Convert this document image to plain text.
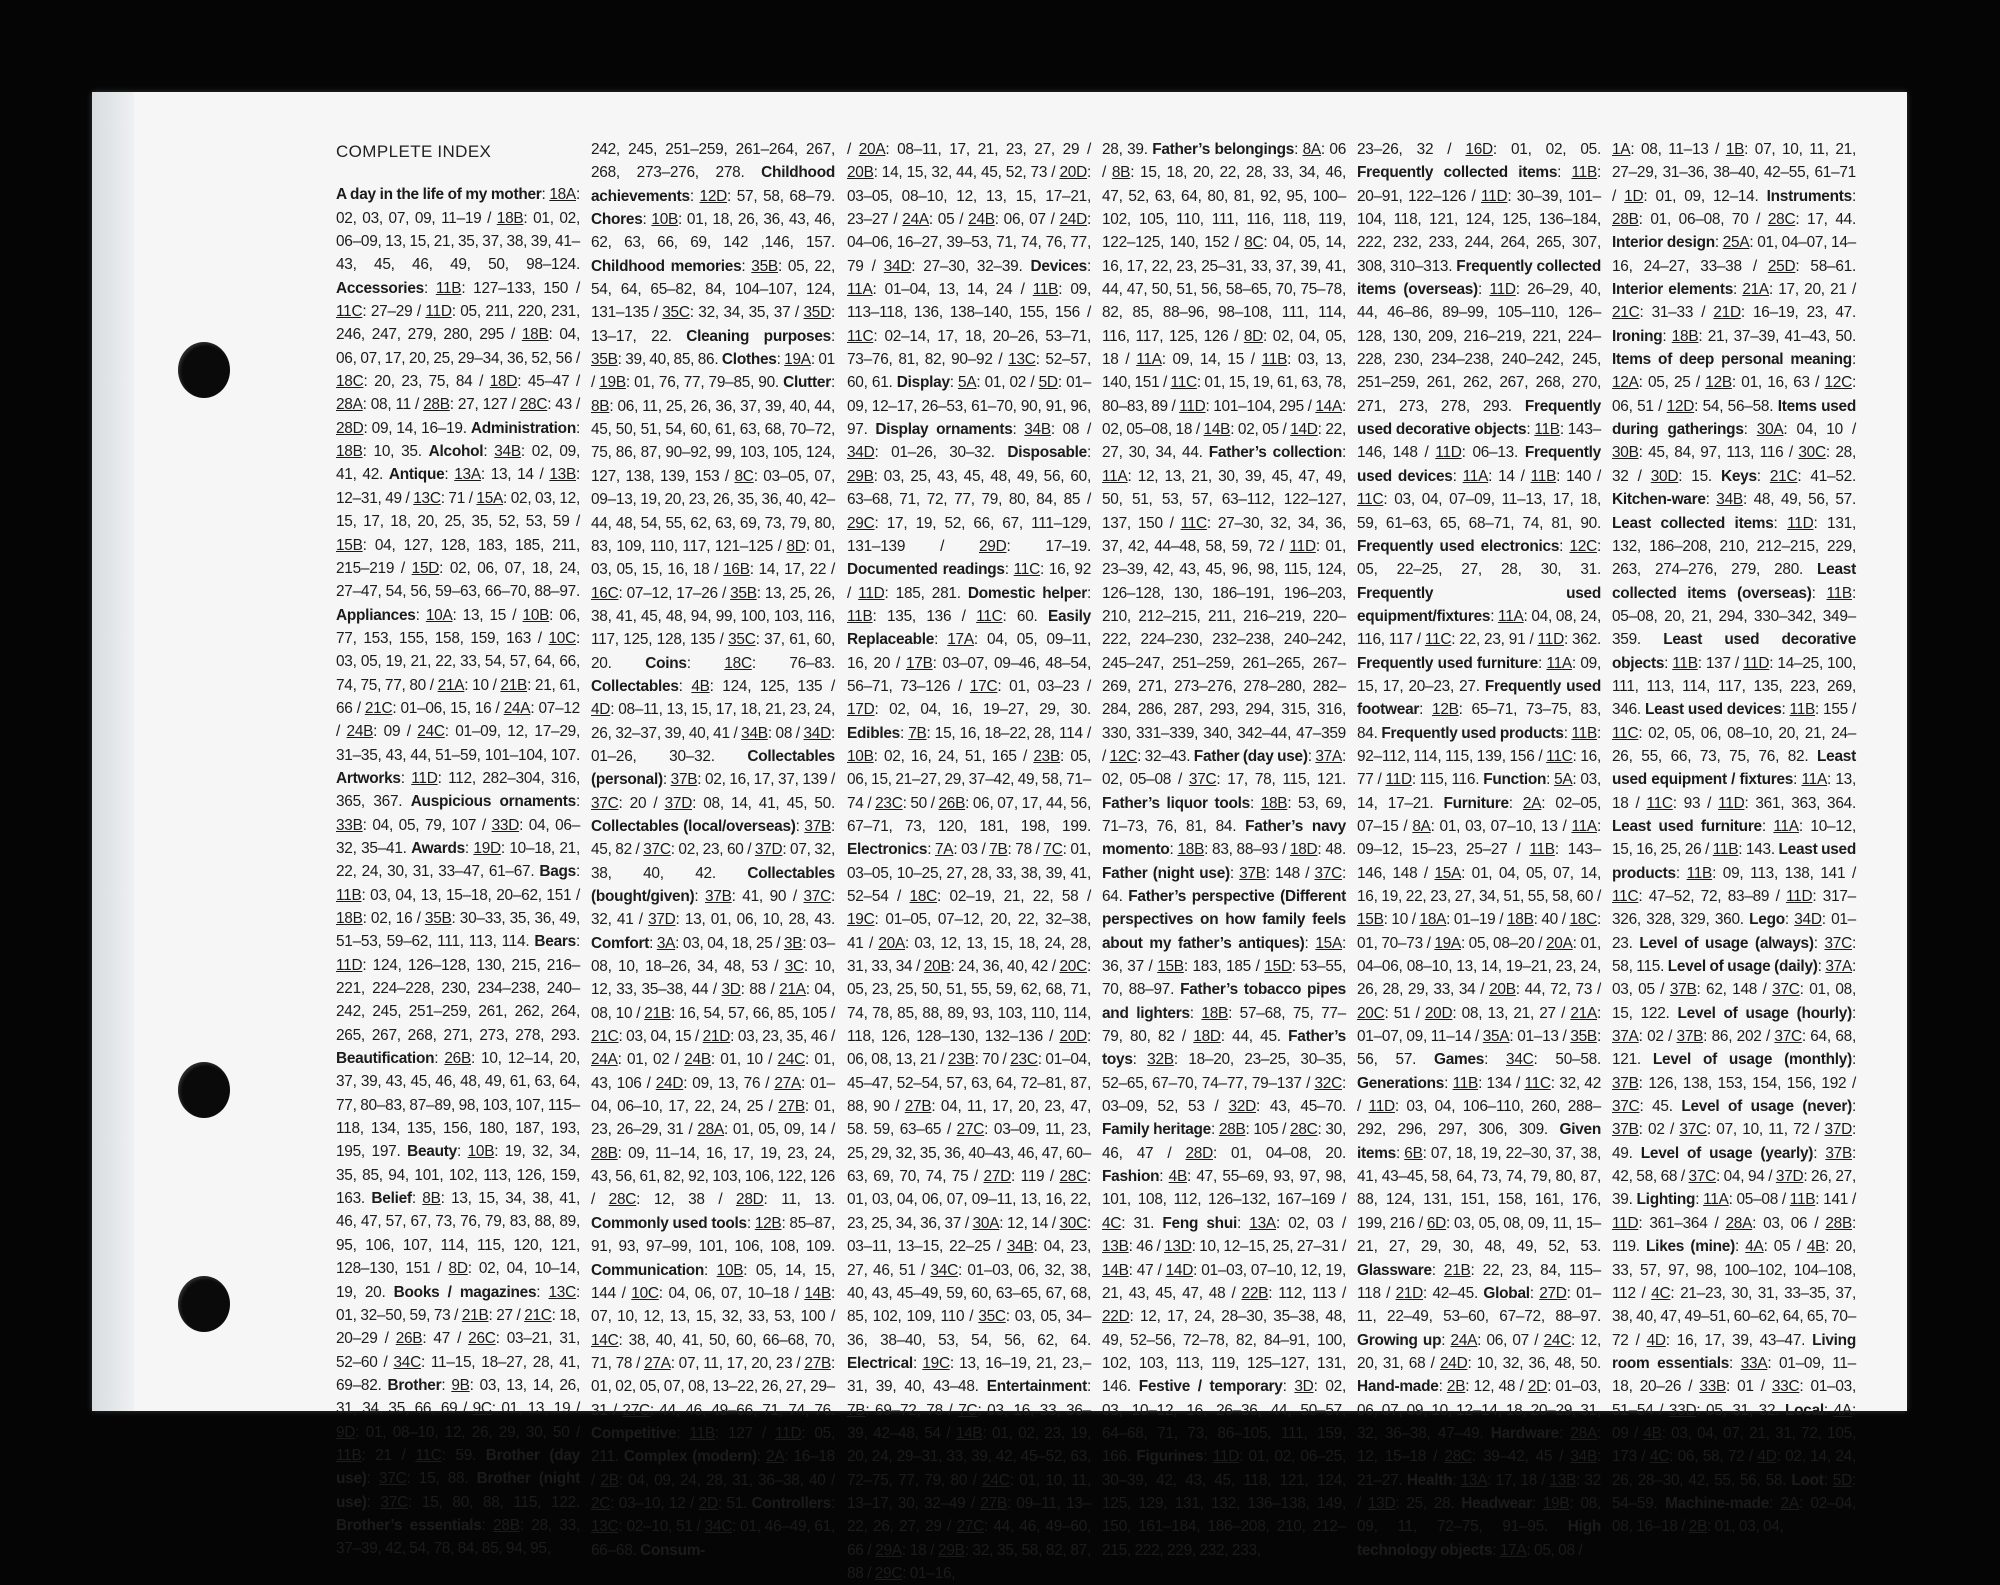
COMPLETE INDEX
A day in the life of my mother: 18A: 02, 03, 07, 09, 11–19 / 18B: 01, 02, 06–09, 13, 15, 21, 35, 37, 38, 39, 41–43, 45, 46, 49, 50, 98–124. Accessories: 11B: 127–133, 150 / 11C: 27–29 / 11D: 05, 211, 220, 231, 246, 247, 279, 280, 295 / 18B: 04, 06, 07, 17, 20, 25, 29–34, 36, 52, 56 / 18C: 20, 23, 75, 84 / 18D: 45–47 / 28A: 08, 11 / 28B: 27, 127 / 28C: 43 / 28D: 09, 14, 16–19. Administration: 18B: 10, 35. Alcohol: 34B: 02, 09, 41, 42. Antique: 13A: 13, 14 / 13B: 12–31, 49 / 13C: 71 / 15A: 02, 03, 12, 15, 17, 18, 20, 25, 35, 52, 53, 59 / 15B: 04, 127, 128, 183, 185, 211, 215–219 / 15D: 02, 06, 07, 18, 24, 27–47, 54, 56, 59–63, 66–70, 88–97. Appliances: 10A: 13, 15 / 10B: 06, 77, 153, 155, 158, 159, 163 / 10C: 03, 05, 19, 21, 22, 33, 54, 57, 64, 66, 74, 75, 77, 80 / 21A: 10 / 21B: 21, 61, 66 / 21C: 01–06, 15, 16 / 24A: 07–12 / 24B: 09 / 24C: 01–09, 12, 17–29, 31–35, 43, 44, 51–59, 101–104, 107. Artworks: 11D: 112, 282–304, 316, 365, 367. Auspicious ornaments: 33B: 04, 05, 79, 107 / 33D: 04, 06–32, 35–41. Awards: 19D: 10–18, 21, 22, 24, 30, 31, 33–47, 61–67. Bags: 11B: 03, 04, 13, 15–18, 20–62, 151 / 18B: 02, 16 / 35B: 30–33, 35, 36, 49, 51–53, 59–62, 111, 113, 114. Bears: 11D: 124, 126–128, 130, 215, 216–221, 224–228, 230, 234–238, 240–242, 245, 251–259, 261, 262, 264, 265, 267, 268, 271, 273, 278, 293. Beautification: 26B: 10, 12–14, 20, 37, 39, 43, 45, 46, 48, 49, 61, 63, 64, 77, 80–83, 87–89, 98, 103, 107, 115–118, 134, 135, 156, 180, 187, 193, 195, 197. Beauty: 10B: 19, 32, 34, 35, 85, 94, 101, 102, 113, 126, 159, 163. Belief: 8B: 13, 15, 34, 38, 41, 46, 47, 57, 67, 73, 76, 79, 83, 88, 89, 95, 106, 107, 114, 115, 120, 121, 128–130, 151 / 8D: 02, 04, 10–14, 19, 20. Books / magazines: 13C: 01, 32–50, 59, 73 / 21B: 27 / 21C: 18, 20–29 / 26B: 47 / 26C: 03–21, 31, 52–60 / 34C: 11–15, 18–27, 28, 41, 69–82. Brother: 9B: 03, 13, 14, 26, 31, 34, 35, 66, 69 / 9C: 01, 13, 19 / 9D: 01, 08–10, 12, 26, 29, 30, 50 / 11B: 21 / 11C: 59. Brother (day use): 37C: 15, 88. Brother (night use): 37C: 15, 80, 88, 115, 122. Brother’s essentials: 28B: 28, 33, 37–39, 42, 54, 78, 84, 85, 94, 95,
242, 245, 251–259, 261–264, 267, 268, 273–276, 278. Childhood achievements: 12D: 57, 58, 68–79. Chores: 10B: 01, 18, 26, 36, 43, 46, 62, 63, 66, 69, 142 ,146, 157. Childhood memories: 35B: 05, 22, 54, 64, 65–82, 84, 104–107, 124, 131–135 / 35C: 32, 34, 35, 37 / 35D: 13–17, 22. Cleaning purposes: 35B: 39, 40, 85, 86. Clothes: 19A: 01 / 19B: 01, 76, 77, 79–85, 90. Clutter: 8B: 06, 11, 25, 26, 36, 37, 39, 40, 44, 45, 50, 51, 54, 60, 61, 63, 68, 70–72, 75, 86, 87, 90–92, 99, 103, 105, 124, 127, 138, 139, 153 / 8C: 03–05, 07, 09–13, 19, 20, 23, 26, 35, 36, 40, 42–44, 48, 54, 55, 62, 63, 69, 73, 79, 80, 83, 109, 110, 117, 121–125 / 8D: 01, 03, 05, 15, 16, 18 / 16B: 14, 17, 22 / 16C: 07–12, 17–26 / 35B: 13, 25, 26, 38, 41, 45, 48, 94, 99, 100, 103, 116, 117, 125, 128, 135 / 35C: 37, 61, 60, 20. Coins: 18C: 76–83. Collectables: 4B: 124, 125, 135 / 4D: 08–11, 13, 15, 17, 18, 21, 23, 24, 26, 32–37, 39, 40, 41 / 34B: 08 / 34D: 01–26, 30–32. Collectables (personal): 37B: 02, 16, 17, 37, 139 / 37C: 20 / 37D: 08, 14, 41, 45, 50. Collectables (local/overseas): 37B: 45, 82 / 37C: 02, 23, 60 / 37D: 07, 32, 38, 40, 42. Collectables (bought/given): 37B: 41, 90 / 37C: 32, 41 / 37D: 13, 01, 06, 10, 28, 43. Comfort: 3A: 03, 04, 18, 25 / 3B: 03–08, 10, 18–26, 34, 48, 53 / 3C: 10, 12, 33, 35–38, 44 / 3D: 88 / 21A: 04, 08, 10 / 21B: 16, 54, 57, 66, 85, 105 / 21C: 03, 04, 15 / 21D: 03, 23, 35, 46 / 24A: 01, 02 / 24B: 01, 10 / 24C: 01, 43, 106 / 24D: 09, 13, 76 / 27A: 01–04, 06–10, 17, 22, 24, 25 / 27B: 01, 23, 26–29, 31 / 28A: 01, 05, 09, 14 / 28B: 09, 11–14, 16, 17, 19, 23, 24, 43, 56, 61, 82, 92, 103, 106, 122, 126 / 28C: 12, 38 / 28D: 11, 13. Commonly used tools: 12B: 85–87, 91, 93, 97–99, 101, 106, 108, 109. Communication: 10B: 05, 14, 15, 144 / 10C: 04, 06, 07, 10–18 / 14B: 07, 10, 12, 13, 15, 32, 33, 53, 100 / 14C: 38, 40, 41, 50, 60, 66–68, 70, 71, 78 / 27A: 07, 11, 17, 20, 23 / 27B: 01, 02, 05, 07, 08, 13–22, 26, 27, 29–31 / 27C: 44, 46, 49–66, 71, 74, 76. Competitive: 11B: 127 / 11D: 05, 211. Complex (modern): 2A: 16–18 / 2B: 04, 09, 24, 28, 31, 36–38, 40 / 2C: 03–10, 12 / 2D: 51. Controllers: 13C: 02–10, 51 / 34C: 01, 46–49, 61, 66–68. Consum-
/ 20A: 08–11, 17, 21, 23, 27, 29 / 20B: 14, 15, 32, 44, 45, 52, 73 / 20D: 03–05, 08–10, 12, 13, 15, 17–21, 23–27 / 24A: 05 / 24B: 06, 07 / 24D: 04–06, 16–27, 39–53, 71, 74, 76, 77, 79 / 34D: 27–30, 32–39. Devices: 11A: 01–04, 13, 14, 24 / 11B: 09, 113–118, 136, 138–140, 155, 156 / 11C: 02–14, 17, 18, 20–26, 53–71, 73–76, 81, 82, 90–92 / 13C: 52–57, 60, 61. Display: 5A: 01, 02 / 5D: 01–09, 12–17, 26–53, 61–70, 90, 91, 96, 97. Display ornaments: 34B: 08 / 34D: 01–26, 30–32. Disposable: 29B: 03, 25, 43, 45, 48, 49, 56, 60, 63–68, 71, 72, 77, 79, 80, 84, 85 / 29C: 17, 19, 52, 66, 67, 111–129, 131–139 / 29D: 17–19. Documented readings: 11C: 16, 92 / 11D: 185, 281. Domestic helper: 11B: 135, 136 / 11C: 60. Easily Replaceable: 17A: 04, 05, 09–11, 16, 20 / 17B: 03–07, 09–46, 48–54, 56–71, 73–126 / 17C: 01, 03–23 / 17D: 02, 04, 16, 19–27, 29, 30. Edibles: 7B: 15, 16, 18–22, 28, 114 / 10B: 02, 16, 24, 51, 165 / 23B: 05, 06, 15, 21–27, 29, 37–42, 49, 58, 71–74 / 23C: 50 / 26B: 06, 07, 17, 44, 56, 67–71, 73, 120, 181, 198, 199. Electronics: 7A: 03 / 7B: 78 / 7C: 01, 03–05, 10–25, 27, 28, 33, 38, 39, 41, 52–54 / 18C: 02–19, 21, 22, 58 / 19C: 01–05, 07–12, 20, 22, 32–38, 41 / 20A: 03, 12, 13, 15, 18, 24, 28, 31, 33, 34 / 20B: 24, 36, 40, 42 / 20C: 05, 23, 25, 50, 51, 55, 59, 62, 68, 71, 74, 78, 85, 88, 89, 93, 103, 110, 114, 118, 126, 128–130, 132–136 / 20D: 06, 08, 13, 21 / 23B: 70 / 23C: 01–04, 45–47, 52–54, 57, 63, 64, 72–81, 87, 88, 90 / 27B: 04, 11, 17, 20, 23, 47, 58. 59, 63–65 / 27C: 03–09, 11, 23, 25, 29, 32, 35, 36, 40–43, 46, 47, 60–63, 69, 70, 74, 75 / 27D: 119 / 28C: 01, 03, 04, 06, 07, 09–11, 13, 16, 22, 23, 25, 34, 36, 37 / 30A: 12, 14 / 30C: 03–11, 13–15, 22–25 / 34B: 04, 23, 27, 46, 51 / 34C: 01–03, 06, 32, 38, 40, 43, 45–49, 59, 60, 63–65, 67, 68, 85, 102, 109, 110 / 35C: 03, 05, 34–36, 38–40, 53, 54, 56, 62, 64. Electrical: 19C: 13, 16–19, 21, 23,–31, 39, 40, 43–48. Entertainment: 7B: 69–72, 78 / 7C: 03, 16, 33, 36–39, 42–48, 54 / 14B: 01, 02, 23, 19, 20, 24, 29–31, 33, 39, 42, 45–52, 63, 72–75, 77, 79, 80 / 24C: 01, 10, 11, 13–17, 30, 32–49 / 27B: 09–11, 13–22, 26, 27, 29 / 27C: 44, 46, 49–60, 66 / 29A: 18 / 29B: 32, 35, 58, 82, 87, 88 / 29C: 01–16,
28, 39. Father’s belongings: 8A: 06 / 8B: 15, 18, 20, 22, 28, 33, 34, 46, 47, 52, 63, 64, 80, 81, 92, 95, 100–102, 105, 110, 111, 116, 118, 119, 122–125, 140, 152 / 8C: 04, 05, 14, 16, 17, 22, 23, 25–31, 33, 37, 39, 41, 44, 47, 50, 51, 56, 58–65, 70, 75–78, 82, 85, 88–96, 98–108, 111, 114, 116, 117, 125, 126 / 8D: 02, 04, 05, 18 / 11A: 09, 14, 15 / 11B: 03, 13, 140, 151 / 11C: 01, 15, 19, 61, 63, 78, 80–83, 89 / 11D: 101–104, 295 / 14A: 02, 05–08, 18 / 14B: 02, 05 / 14D: 22, 27, 30, 34, 44. Father’s collection: 11A: 12, 13, 21, 30, 39, 45, 47, 49, 50, 51, 53, 57, 63–112, 122–127, 137, 150 / 11C: 27–30, 32, 34, 36, 37, 42, 44–48, 58, 59, 72 / 11D: 01, 23–39, 42, 43, 45, 96, 98, 115, 124, 126–128, 130, 186–191, 196–203, 210, 212–215, 211, 216–219, 220–222, 224–230, 232–238, 240–242, 245–247, 251–259, 261–265, 267–269, 271, 273–276, 278–280, 282–284, 286, 287, 293, 294, 315, 316, 330, 331–339, 340, 342–44, 47–359 / 12C: 32–43. Father (day use): 37A: 02, 05–08 / 37C: 17, 78, 115, 121. Father’s liquor tools: 18B: 53, 69, 71–73, 76, 81, 84. Father’s navy momento: 18B: 83, 88–93 / 18D: 48. Father (night use): 37B: 148 / 37C: 64. Father’s perspective (Different perspectives on how family feels about my father’s antiques): 15A: 36, 37 / 15B: 183, 185 / 15D: 53–55, 70, 88–97. Father’s tobacco pipes and lighters: 18B: 57–68, 75, 77–79, 80, 82 / 18D: 44, 45. Father’s toys: 32B: 18–20, 23–25, 30–35, 52–65, 67–70, 74–77, 79–137 / 32C: 03–09, 52, 53 / 32D: 43, 45–70. Family heritage: 28B: 105 / 28C: 30, 46, 47 / 28D: 01, 04–08, 20. Fashion: 4B: 47, 55–69, 93, 97, 98, 101, 108, 112, 126–132, 167–169 / 4C: 31. Feng shui: 13A: 02, 03 / 13B: 46 / 13D: 10, 12–15, 25, 27–31 / 14B: 47 / 14D: 01–03, 07–10, 12, 19, 21, 43, 45, 47, 48 / 22B: 112, 113 / 22D: 12, 17, 24, 28–30, 35–38, 48, 49, 52–56, 72–78, 82, 84–91, 100, 102, 103, 113, 119, 125–127, 131, 146. Festive / temporary: 3D: 02, 03, 10–12, 16, 26–36, 44, 50–57, 64–68, 71, 73, 86–105, 111, 159, 166. Figurines: 11D: 01, 02, 06–25, 30–39, 42, 43, 45, 118, 121, 124, 125, 129, 131, 132, 136–138, 149, 150, 161–184, 186–208, 210, 212–215, 222, 229, 232, 233,
23–26, 32 / 16D: 01, 02, 05. Frequently collected items: 11B: 20–91, 122–126 / 11D: 30–39, 101–104, 118, 121, 124, 125, 136–184, 222, 232, 233, 244, 264, 265, 307, 308, 310–313. Frequently collected items (overseas): 11D: 26–29, 40, 44, 46–86, 89–99, 105–110, 126–128, 130, 209, 216–219, 221, 224–228, 230, 234–238, 240–242, 245, 251–259, 261, 262, 267, 268, 270, 271, 273, 278, 293. Frequently used decorative objects: 11B: 143–146, 148 / 11D: 06–13. Frequently used devices: 11A: 14 / 11B: 140 / 11C: 03, 04, 07–09, 11–13, 17, 18, 59, 61–63, 65, 68–71, 74, 81, 90. Frequently used electronics: 12C: 05, 22–25, 27, 28, 30, 31. Frequently used equipment/fixtures: 11A: 04, 08, 24, 116, 117 / 11C: 22, 23, 91 / 11D: 362. Frequently used furniture: 11A: 09, 15, 17, 20–23, 27. Frequently used footwear: 12B: 65–71, 73–75, 83, 84. Frequently used products: 11B: 92–112, 114, 115, 139, 156 / 11C: 16, 77 / 11D: 115, 116. Function: 5A: 03, 14, 17–21. Furniture: 2A: 02–05, 07–15 / 8A: 01, 03, 07–10, 13 / 11A: 09–12, 15–23, 25–27 / 11B: 143–146, 148 / 15A: 01, 04, 05, 07, 14, 16, 19, 22, 23, 27, 34, 51, 55, 58, 60 / 15B: 10 / 18A: 01–19 / 18B: 40 / 18C: 01, 70–73 / 19A: 05, 08–20 / 20A: 01, 04–06, 08–10, 13, 14, 19–21, 23, 24, 26, 28, 29, 33, 34 / 20B: 44, 72, 73 / 20C: 51 / 20D: 08, 13, 21, 27 / 21A: 01–07, 09, 11–14 / 35A: 01–13 / 35B: 56, 57. Games: 34C: 50–58. Generations: 11B: 134 / 11C: 32, 42 / 11D: 03, 04, 106–110, 260, 288–292, 296, 297, 306, 309. Given items: 6B: 07, 18, 19, 22–30, 37, 38, 41, 43–45, 58, 64, 73, 74, 79, 80, 87, 88, 124, 131, 151, 158, 161, 176, 199, 216 / 6D: 03, 05, 08, 09, 11, 15–21, 27, 29, 30, 48, 49, 52, 53. Glassware: 21B: 22, 23, 84, 115–118 / 21D: 42–45. Global: 27D: 01–11, 22–49, 53–60, 67–72, 88–97. Growing up: 24A: 06, 07 / 24C: 12, 20, 31, 68 / 24D: 10, 32, 36, 48, 50. Hand-made: 2B: 12, 48 / 2D: 01–03, 06, 07, 09, 10, 12–14, 18, 20–29, 31, 32, 36–38, 47–49. Hardware: 28A: 12, 15–18 / 28C: 39–42, 45 / 34B: 21–27. Health: 13A: 17, 18 / 13B: 32 / 13D: 25, 28. Headwear: 19B: 08, 09, 11, 72–75, 91–95. High technology objects: 17A: 05, 08 /
1A: 08, 11–13 / 1B: 07, 10, 11, 21, 27–29, 31–36, 38–40, 42–55, 61–71 / 1D: 01, 09, 12–14. Instruments: 28B: 01, 06–08, 70 / 28C: 17, 44. Interior design: 25A: 01, 04–07, 14–16, 24–27, 33–38 / 25D: 58–61. Interior elements: 21A: 17, 20, 21 / 21C: 31–33 / 21D: 16–19, 23, 47. Ironing: 18B: 21, 37–39, 41–43, 50. Items of deep personal meaning: 12A: 05, 25 / 12B: 01, 16, 63 / 12C: 06, 51 / 12D: 54, 56–58. Items used during gatherings: 30A: 04, 10 / 30B: 45, 84, 97, 113, 116 / 30C: 28, 32 / 30D: 15. Keys: 21C: 41–52. Kitchen-ware: 34B: 48, 49, 56, 57. Least collected items: 11D: 131, 132, 186–208, 210, 212–215, 229, 263, 274–276, 279, 280. Least collected items (overseas): 11B: 05–08, 20, 21, 294, 330–342, 349–359. Least used decorative objects: 11B: 137 / 11D: 14–25, 100, 111, 113, 114, 117, 135, 223, 269, 346. Least used devices: 11B: 155 / 11C: 02, 05, 06, 08–10, 20, 21, 24–26, 55, 66, 73, 75, 76, 82. Least used equipment / fixtures: 11A: 13, 18 / 11C: 93 / 11D: 361, 363, 364. Least used furniture: 11A: 10–12, 15, 16, 25, 26 / 11B: 143. Least used products: 11B: 09, 113, 138, 141 / 11C: 47–52, 72, 83–89 / 11D: 317–326, 328, 329, 360. Lego: 34D: 01–23. Level of usage (always): 37C: 58, 115. Level of usage (daily): 37A: 03, 05 / 37B: 62, 148 / 37C: 01, 08, 15, 122. Level of usage (hourly): 37A: 02 / 37B: 86, 202 / 37C: 64, 68, 121. Level of usage (monthly): 37B: 126, 138, 153, 154, 156, 192 / 37C: 45. Level of usage (never): 37B: 02 / 37C: 07, 10, 11, 72 / 37D: 49. Level of usage (yearly): 37B: 42, 58, 68 / 37C: 04, 94 / 37D: 26, 27, 39. Lighting: 11A: 05–08 / 11B: 141 / 11D: 361–364 / 28A: 03, 06 / 28B: 119. Likes (mine): 4A: 05 / 4B: 20, 33, 57, 97, 98, 100–102, 104–108, 112 / 4C: 21–23, 30, 31, 33–35, 37, 38, 40, 47, 49–51, 60–62, 64, 65, 70–72 / 4D: 16, 17, 39, 43–47. Living room essentials: 33A: 01–09, 11–18, 20–26 / 33B: 01 / 33C: 01–03, 51–54 / 33D: 05, 31, 32. Local: 4A: 09 / 4B: 03, 04, 07, 21, 31, 72, 105, 173 / 4C: 06, 58, 72 / 4D: 02, 14, 24, 26, 28–30, 42, 55, 56, 58. Loot: 5D: 54–59. Machine-made: 2A: 02–04, 08, 16–18 / 2B: 01, 03, 04,
